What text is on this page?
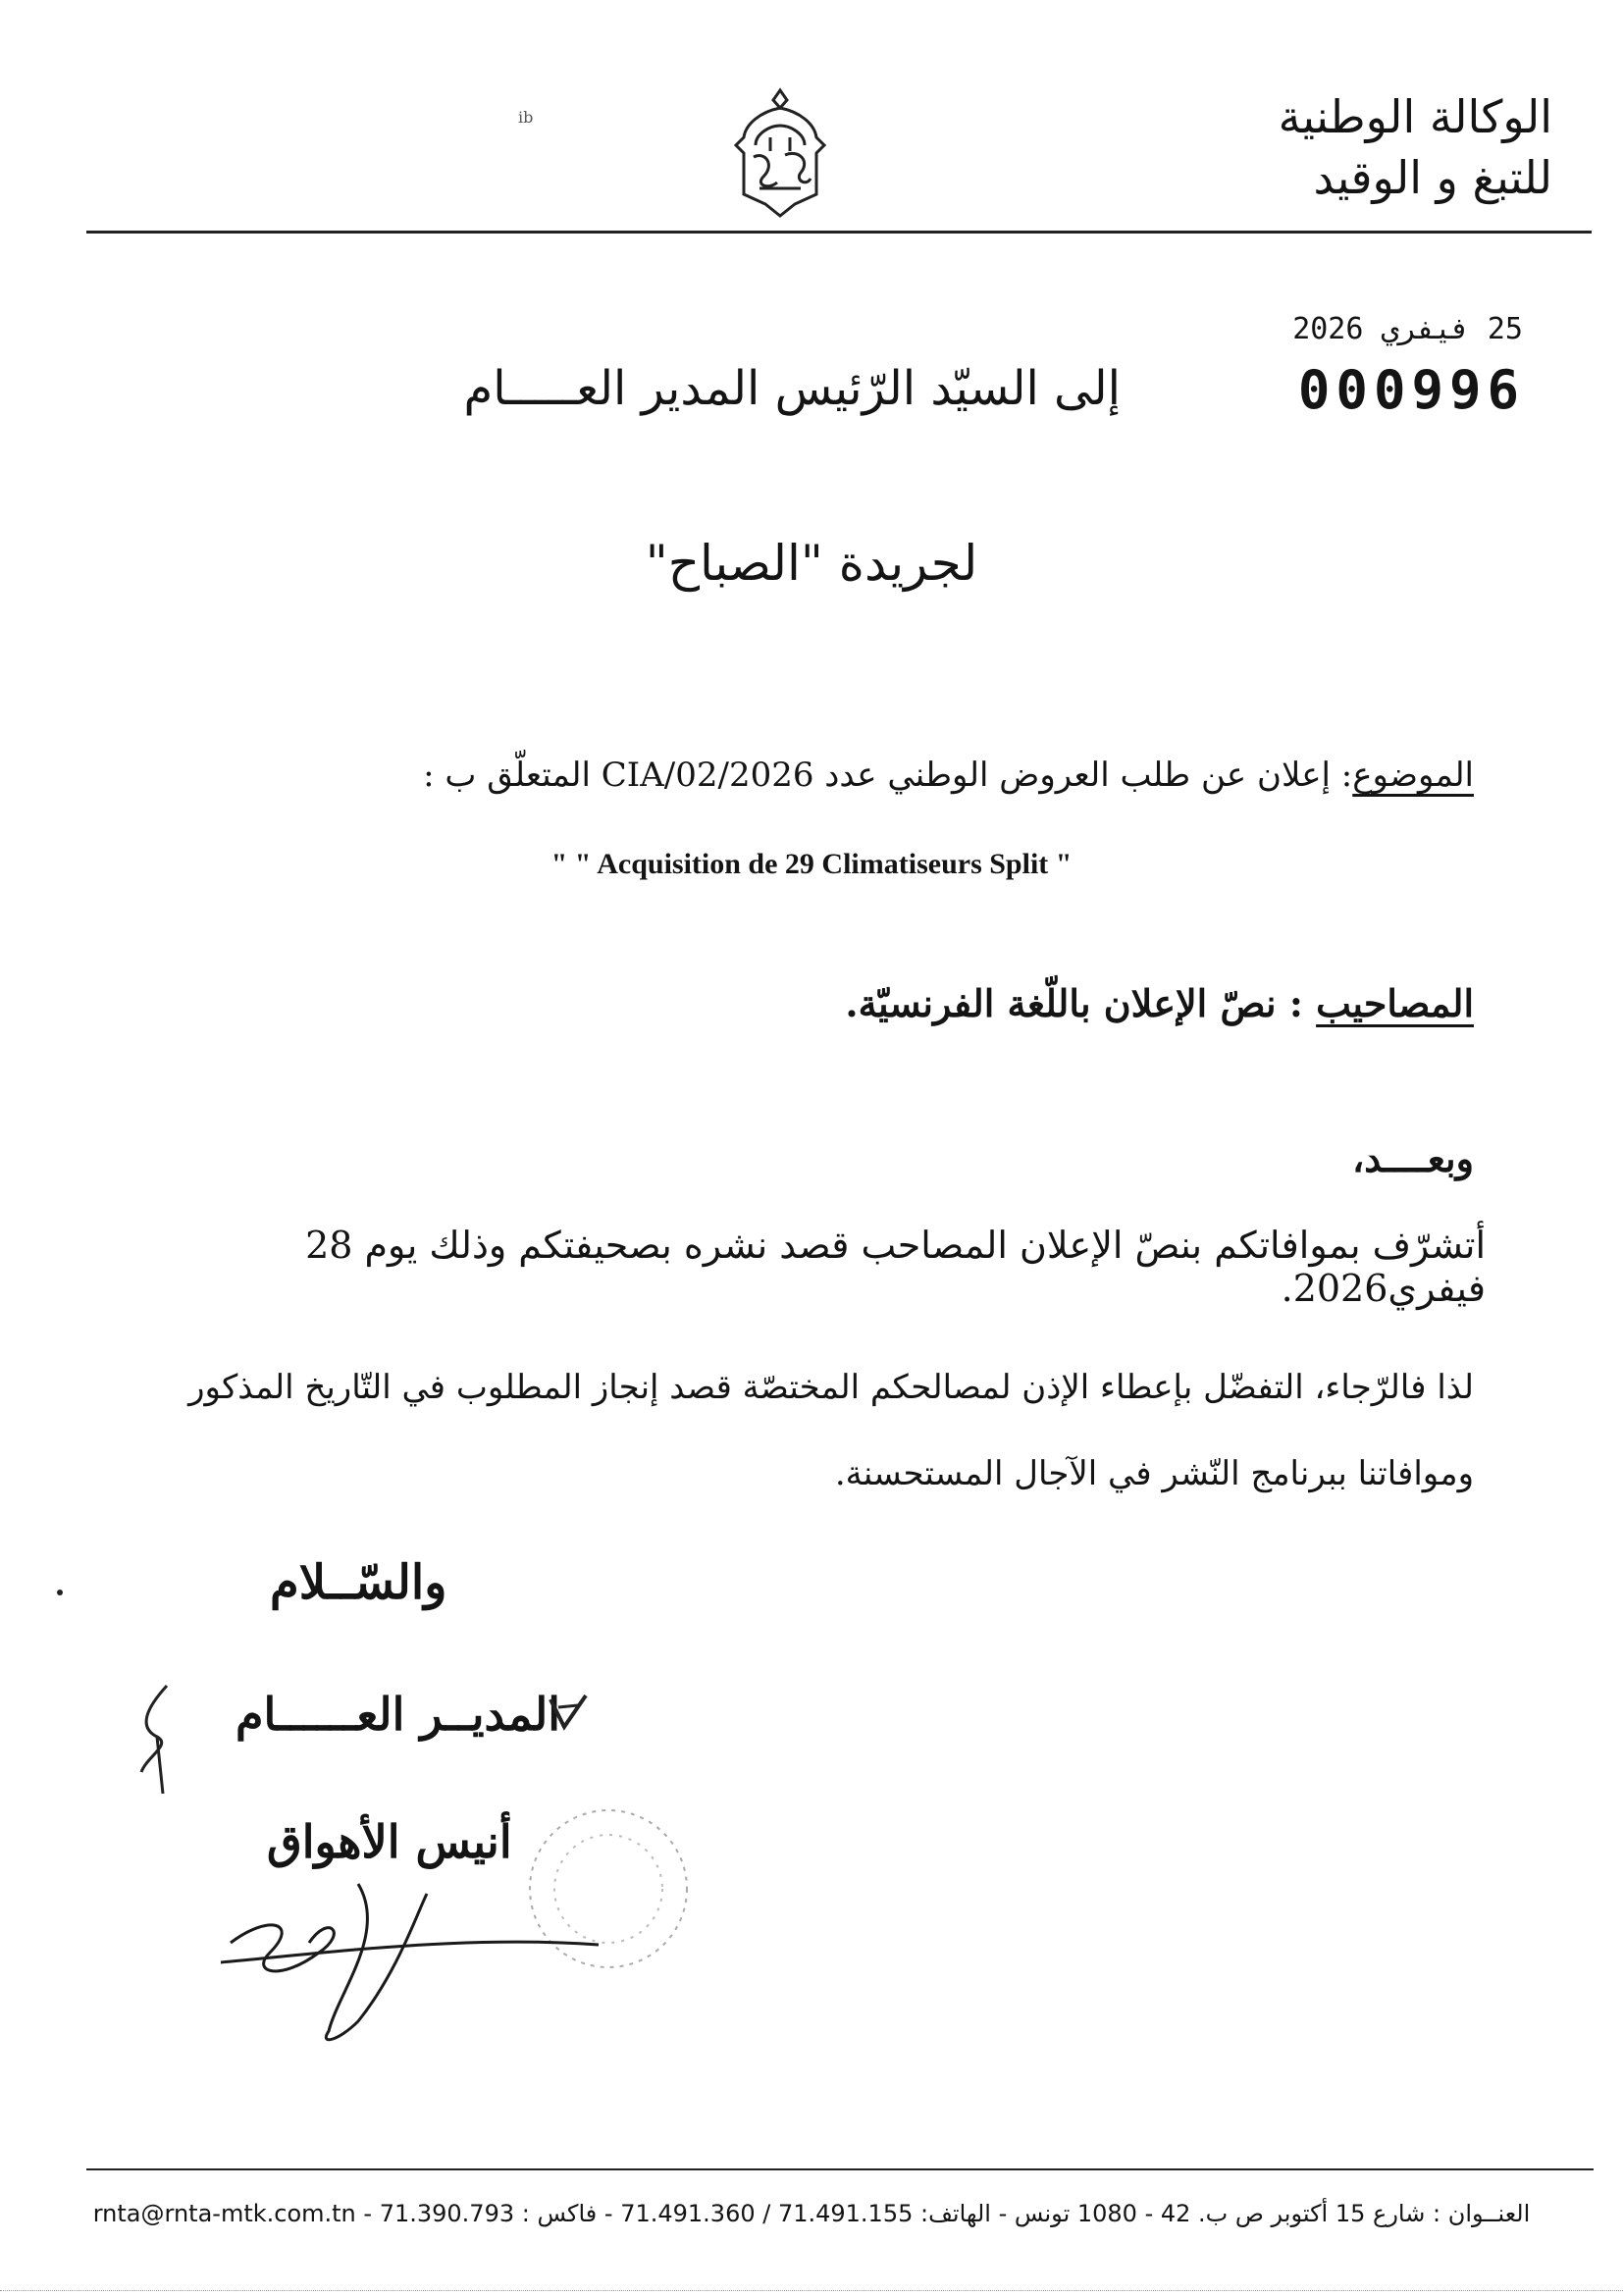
الوكالة الوطنية
للتبغ و الوقيد
ib
25 فيفري 2026
000996
إلى السيّد الرّئيس المدير العـــــام
لجريدة "الصباح"
الموضوع: إعلان عن طلب العروض الوطني عدد 2026/CIA/02 المتعلّق ب :
" " Acquisition de 29 Climatiseurs Split "
المصاحيب : نصّ الإعلان باللّغة الفرنسيّة.
وبعــــد،
أتشرّف بموافاتكم بنصّ الإعلان المصاحب قصد نشره بصحيفتكم وذلك يوم 28 فيفري2026.
لذا فالرّجاء، التفضّل بإعطاء الإذن لمصالحكم المختصّة قصد إنجاز المطلوب في التّاريخ المذكور وموافاتنا ببرنامج النّشر في الآجال المستحسنة.
والسّــلام
المديــر العــــــام
أنيس الأهواق
العنــوان : شارع 15 أكتوبر ص ب. 42 - 1080 تونس - الهاتف: 71.491.155 / 71.491.360 - فاكس : 71.390.793 - rnta@rnta-mtk.com.tn
